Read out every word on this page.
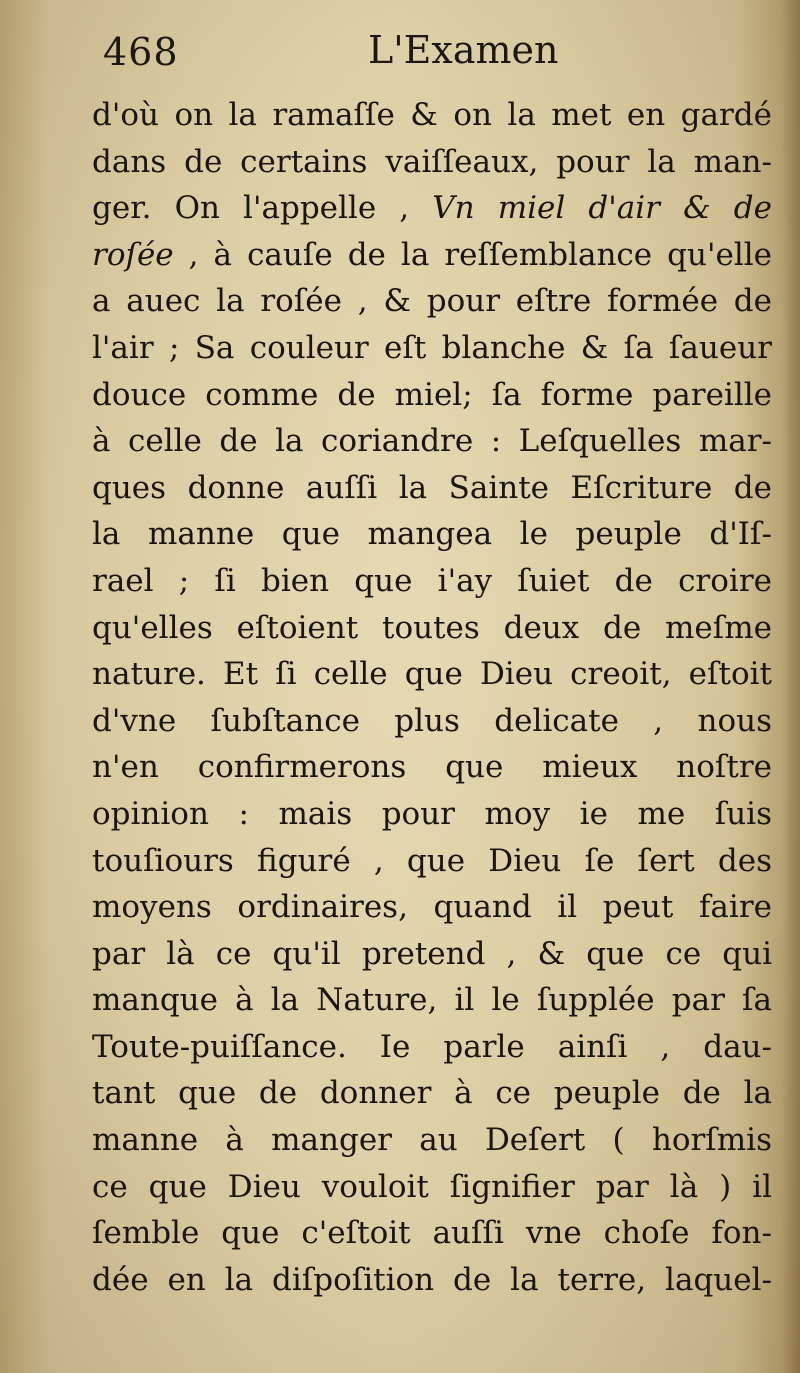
468	L'Examen
d'où on la ramaſſe & on la met en gardé
dans de certains vaiſſeaux, pour la man-
ger. On l'appelle , Vn miel d'air & de
roſée , à cauſe de la reſſemblance qu'elle
a auec la roſée , & pour eſtre formée de
l'air ; Sa couleur eſt blanche & ſa ſaueur
douce comme de miel; ſa forme pareille
à celle de la coriandre : Leſquelles mar-
ques donne auſſi la Sainte Eſcriture de
la manne que mangea le peuple d'Iſ-
rael ; ſi bien que i'ay ſuiet de croire
qu'elles eſtoient toutes deux de meſme
nature. Et ſi celle que Dieu creoit, eſtoit
d'vne ſubſtance plus delicate , nous
n'en confirmerons que mieux noſtre
opinion : mais pour moy ie me ſuis
touſiours figuré , que Dieu ſe ſert des
moyens ordinaires, quand il peut faire
par là ce qu'il pretend , & que ce qui
manque à la Nature, il le ſupplée par ſa
Toute-puiſſance. Ie parle ainſi , dau-
tant que de donner à ce peuple de la
manne à manger au Deſert ( horſmis
ce que Dieu vouloit ſignifier par là ) il
ſemble que c'eſtoit auſſi vne choſe fon-
dée en la diſpoſition de la terre, laquel-
